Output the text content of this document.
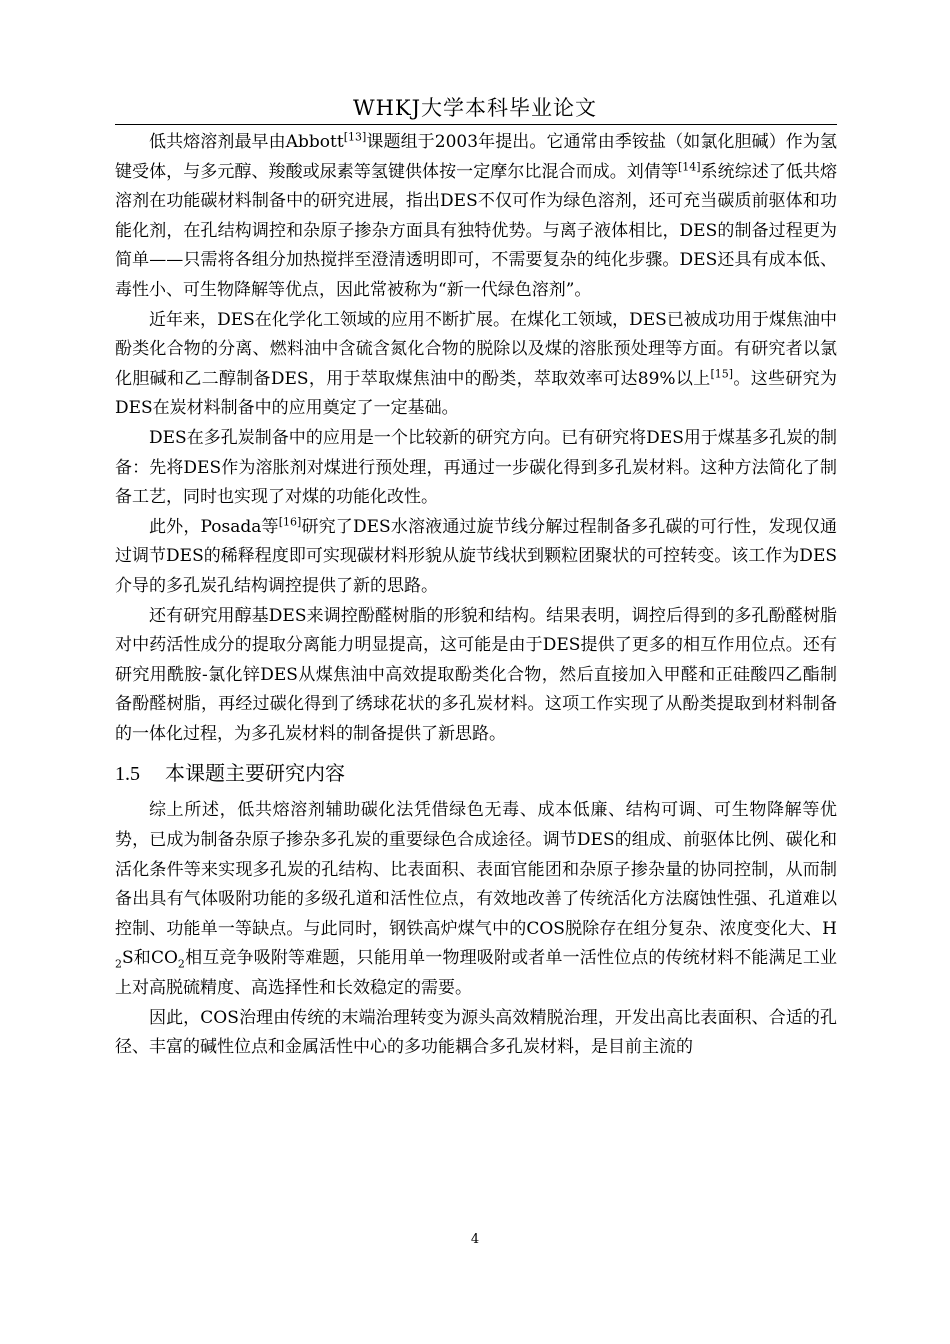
WHKJ大学本科毕业论文

低共熔溶剂最早由Abbott[13]课题组于2003年提出。它通常由季铵盐（如氯化胆碱）作为氢键受体，与多元醇、羧酸或尿素等氢键供体按一定摩尔比混合而成。刘倩等[14]系统综述了低共熔溶剂在功能碳材料制备中的研究进展，指出DES不仅可作为绿色溶剂，还可充当碳质前驱体和功能化剂，在孔结构调控和杂原子掺杂方面具有独特优势。与离子液体相比，DES的制备过程更为简单——只需将各组分加热搅拌至澄清透明即可，不需要复杂的纯化步骤。DES还具有成本低、毒性小、可生物降解等优点，因此常被称为“新一代绿色溶剂”。

近年来，DES在化学化工领域的应用不断扩展。在煤化工领域，DES已被成功用于煤焦油中酚类化合物的分离、燃料油中含硫含氮化合物的脱除以及煤的溶胀预处理等方面。有研究者以氯化胆碱和乙二醇制备DES，用于萃取煤焦油中的酚类，萃取效率可达89%以上[15]。这些研究为DES在炭材料制备中的应用奠定了一定基础。

DES在多孔炭制备中的应用是一个比较新的研究方向。已有研究将DES用于煤基多孔炭的制备：先将DES作为溶胀剂对煤进行预处理，再通过一步碳化得到多孔炭材料。这种方法简化了制备工艺，同时也实现了对煤的功能化改性。

此外，Posada等[16]研究了DES水溶液通过旋节线分解过程制备多孔碳的可行性，发现仅通过调节DES的稀释程度即可实现碳材料形貌从旋节线状到颗粒团聚状的可控转变。该工作为DES介导的多孔炭孔结构调控提供了新的思路。

还有研究用醇基DES来调控酚醛树脂的形貌和结构。结果表明，调控后得到的多孔酚醛树脂对中药活性成分的提取分离能力明显提高，这可能是由于DES提供了更多的相互作用位点。还有研究用酰胺-氯化锌DES从煤焦油中高效提取酚类化合物，然后直接加入甲醛和正硅酸四乙酯制备酚醛树脂，再经过碳化得到了绣球花状的多孔炭材料。这项工作实现了从酚类提取到材料制备的一体化过程，为多孔炭材料的制备提供了新思路。

1.5 本课题主要研究内容

综上所述，低共熔溶剂辅助碳化法凭借绿色无毒、成本低廉、结构可调、可生物降解等优势，已成为制备杂原子掺杂多孔炭的重要绿色合成途径。调节DES的组成、前驱体比例、碳化和活化条件等来实现多孔炭的孔结构、比表面积、表面官能团和杂原子掺杂量的协同控制，从而制备出具有气体吸附功能的多级孔道和活性位点，有效地改善了传统活化方法腐蚀性强、孔道难以控制、功能单一等缺点。与此同时，钢铁高炉煤气中的COS脱除存在组分复杂、浓度变化大、$H_2S$和$CO_2$相互竞争吸附等难题，只能用单一物理吸附或者单一活性位点的传统材料不能满足工业上对高脱硫精度、高选择性和长效稳定的需要。

因此，COS治理由传统的末端治理转变为源头高效精脱治理，开发出高比表面积、合适的孔径、丰富的碱性位点和金属活性中心的多功能耦合多孔炭材料，是目前主流的

4
